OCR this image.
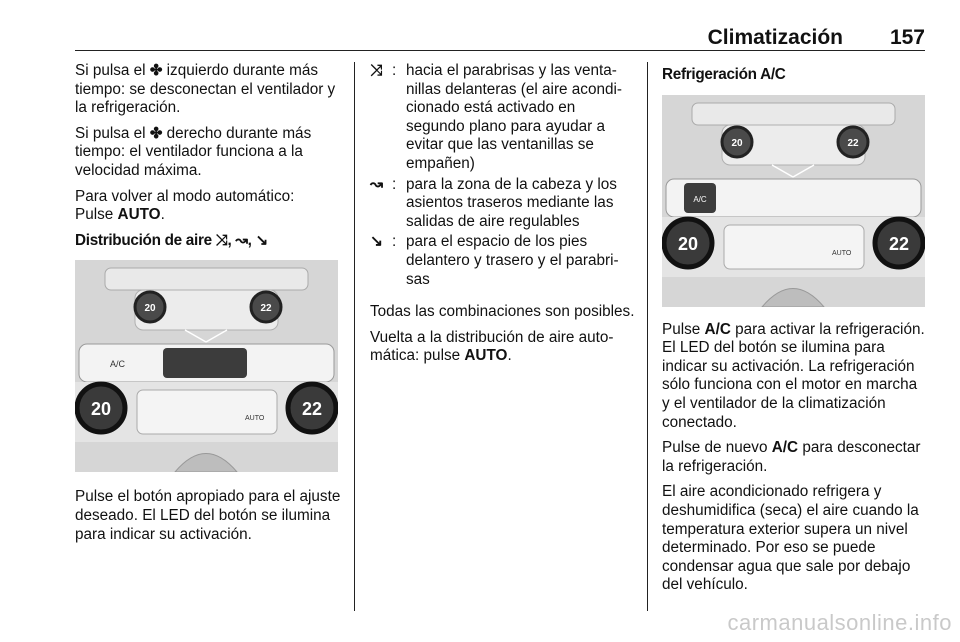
Climatización 157

Si pulsa el ✤ izquierdo durante más tiempo: se desconectan el ventilador y la refrigeración.

Si pulsa el ✤ derecho durante más tiempo: el ventilador funciona a la velocidad máxima.

Para volver al modo automático:
Pulse AUTO.

Distribución de aire ⤨, ↝, ↘
20	22
A/C
20	22
AUTO

Pulse el botón apropiado para el ajuste deseado. El LED del botón se ilumina para indicar su activación.

⤨ : hacia el parabrisas y las ventanillas delanteras (el aire acondicionado está activado en segundo plano para ayudar a evitar que las ventanillas se empañen)
↝ : para la zona de la cabeza y los asientos traseros mediante las salidas de aire regulables
↘ : para el espacio de los pies delantero y trasero y el parabrisas

Todas las combinaciones son posibles.

Vuelta a la distribución de aire automática: pulse AUTO.

Refrigeración A/C
20	22
A/C
20	22
AUTO

Pulse A/C para activar la refrigeración. El LED del botón se ilumina para indicar su activación. La refrigeración sólo funciona con el motor en marcha y el ventilador de la climatización conectado.

Pulse de nuevo A/C para desconectar la refrigeración.

El aire acondicionado refrigera y deshumidifica (seca) el aire cuando la temperatura exterior supera un nivel determinado. Por eso se puede condensar agua que sale por debajo del vehículo.

carmanualsonline.info
